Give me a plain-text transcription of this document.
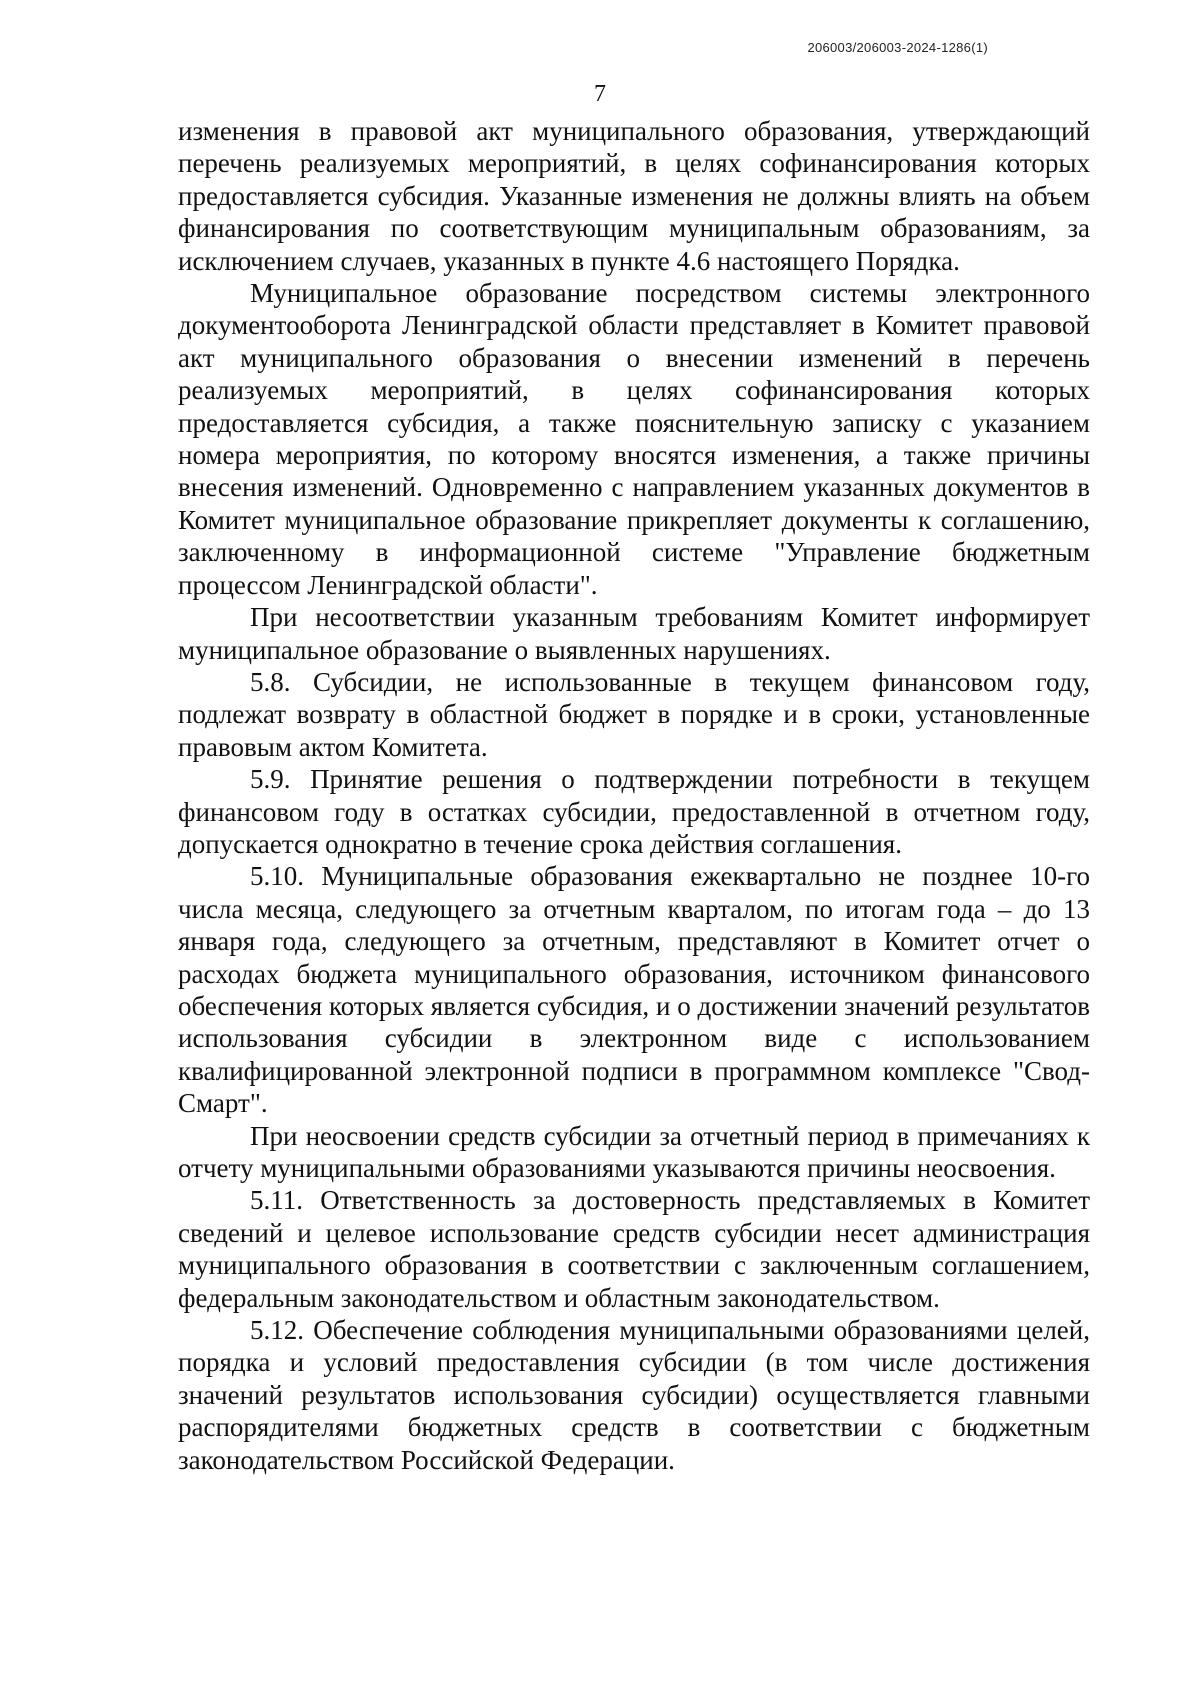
206003/206003-2024-1286(1)
7

изменения в правовой акт муниципального образования, утверждающий перечень реализуемых мероприятий, в целях софинансирования которых предоставляется субсидия. Указанные изменения не должны влиять на объем финансирования по соответствующим муниципальным образованиям, за исключением случаев, указанных в пункте 4.6 настоящего Порядка.

Муниципальное образование посредством системы электронного документооборота Ленинградской области представляет в Комитет правовой акт муниципального образования о внесении изменений в перечень реализуемых мероприятий, в целях софинансирования которых предоставляется субсидия, а также пояснительную записку с указанием номера мероприятия, по которому вносятся изменения, а также причины внесения изменений. Одновременно с направлением указанных документов в Комитет муниципальное образование прикрепляет документы к соглашению, заключенному в информационной системе "Управление бюджетным процессом Ленинградской области".

При несоответствии указанным требованиям Комитет информирует муниципальное образование о выявленных нарушениях.

5.8. Субсидии, не использованные в текущем финансовом году, подлежат возврату в областной бюджет в порядке и в сроки, установленные правовым актом Комитета.

5.9. Принятие решения о подтверждении потребности в текущем финансовом году в остатках субсидии, предоставленной в отчетном году, допускается однократно в течение срока действия соглашения.

5.10. Муниципальные образования ежеквартально не позднее 10-го числа месяца, следующего за отчетным кварталом, по итогам года – до 13 января года, следующего за отчетным, представляют в Комитет отчет о расходах бюджета муниципального образования, источником финансового обеспечения которых является субсидия, и о достижении значений результатов использования субсидии в электронном виде с использованием квалифицированной электронной подписи в программном комплексе "Свод-Смарт".

При неосвоении средств субсидии за отчетный период в примечаниях к отчету муниципальными образованиями указываются причины неосвоения.

5.11. Ответственность за достоверность представляемых в Комитет сведений и целевое использование средств субсидии несет администрация муниципального образования в соответствии с заключенным соглашением, федеральным законодательством и областным законодательством.

5.12. Обеспечение соблюдения муниципальными образованиями целей, порядка и условий предоставления субсидии (в том числе достижения значений результатов использования субсидии) осуществляется главными распорядителями бюджетных средств в соответствии с бюджетным законодательством Российской Федерации.
